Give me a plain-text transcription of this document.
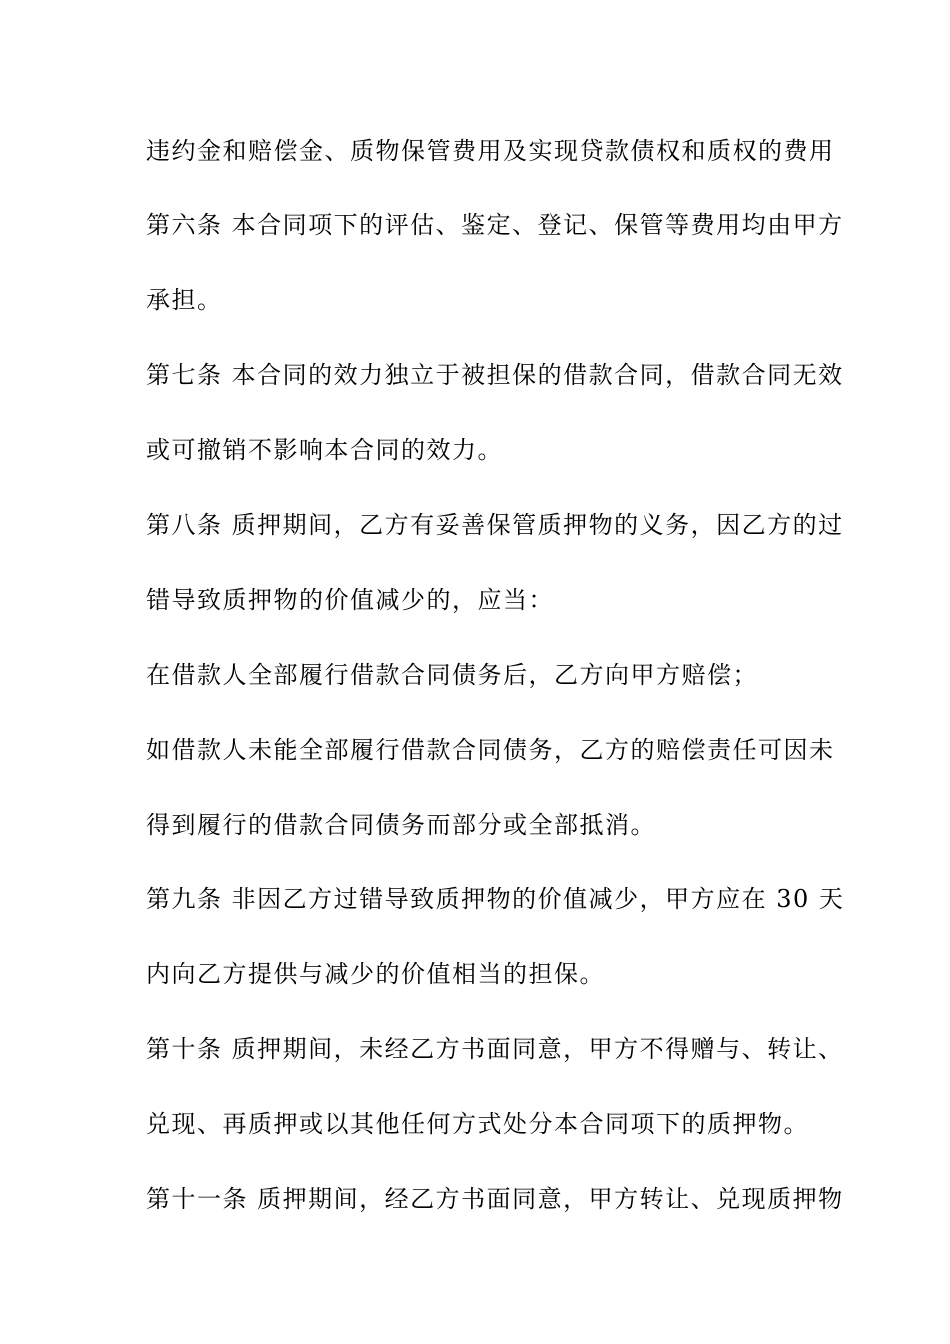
违约金和赔偿金、质物保管费用及实现贷款债权和质权的费用

第六条 本合同项下的评估、鉴定、登记、保管等费用均由甲方

承担。

第七条 本合同的效力独立于被担保的借款合同，借款合同无效

或可撤销不影响本合同的效力。

第八条 质押期间，乙方有妥善保管质押物的义务，因乙方的过

错导致质押物的价值减少的，应当：

在借款人全部履行借款合同债务后，乙方向甲方赔偿；

如借款人未能全部履行借款合同债务，乙方的赔偿责任可因未

得到履行的借款合同债务而部分或全部抵消。

第九条 非因乙方过错导致质押物的价值减少，甲方应在 30 天

内向乙方提供与减少的价值相当的担保。

第十条 质押期间，未经乙方书面同意，甲方不得赠与、转让、

兑现、再质押或以其他任何方式处分本合同项下的质押物。

第十一条 质押期间，经乙方书面同意，甲方转让、兑现质押物
